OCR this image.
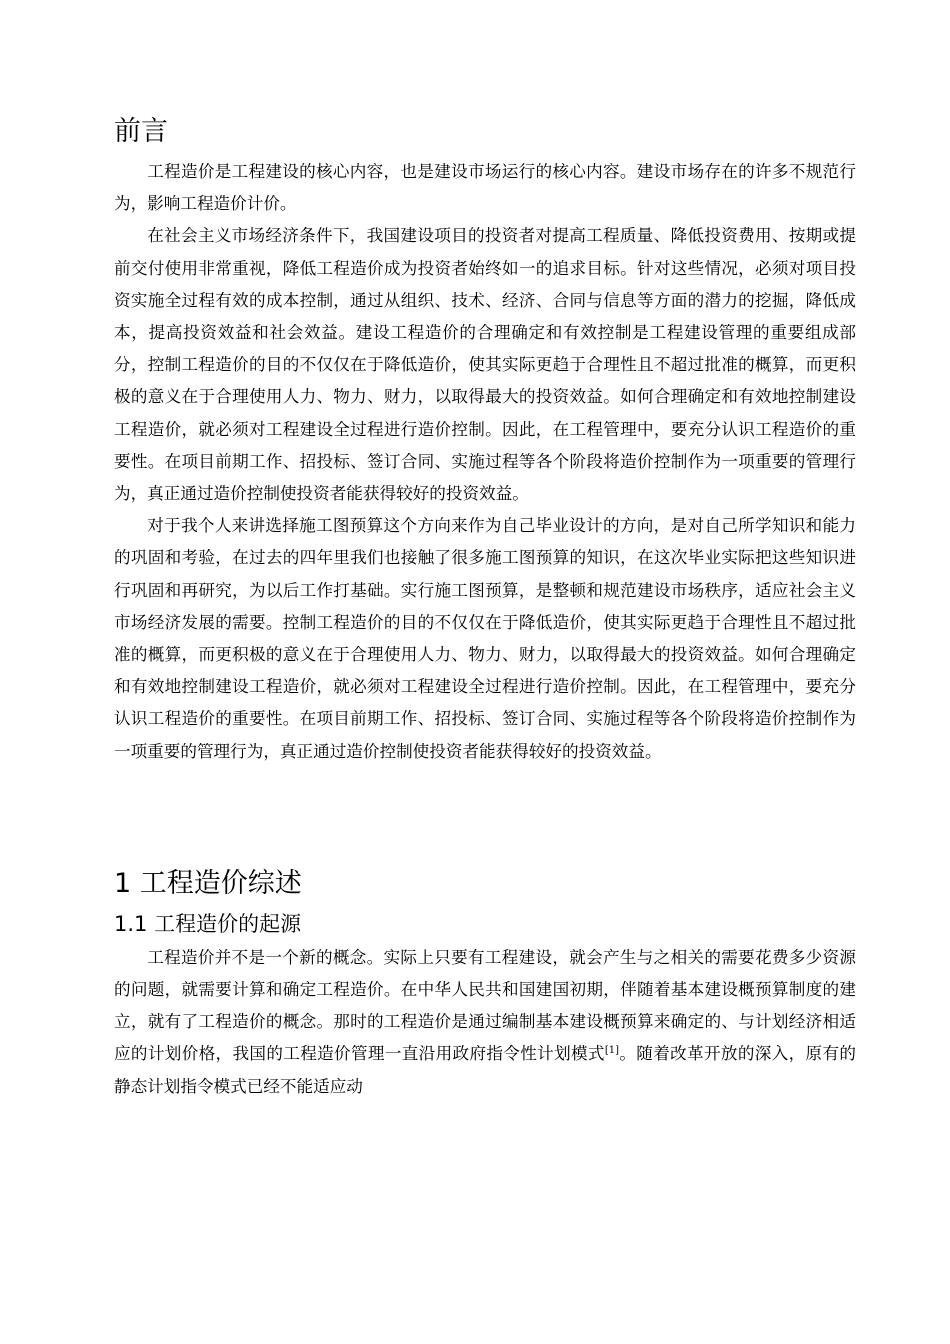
前言

工程造价是工程建设的核心内容，也是建设市场运行的核心内容。建设市场存在的许多不规范行为，影响工程造价计价。

在社会主义市场经济条件下，我国建设项目的投资者对提高工程质量、降低投资费用、按期或提前交付使用非常重视，降低工程造价成为投资者始终如一的追求目标。针对这些情况，必须对项目投资实施全过程有效的成本控制，通过从组织、技术、经济、合同与信息等方面的潜力的挖掘，降低成本，提高投资效益和社会效益。建设工程造价的合理确定和有效控制是工程建设管理的重要组成部分，控制工程造价的目的不仅仅在于降低造价，使其实际更趋于合理性且不超过批准的概算，而更积极的意义在于合理使用人力、物力、财力，以取得最大的投资效益。如何合理确定和有效地控制建设工程造价，就必须对工程建设全过程进行造价控制。因此，在工程管理中，要充分认识工程造价的重要性。在项目前期工作、招投标、签订合同、实施过程等各个阶段将造价控制作为一项重要的管理行为，真正通过造价控制使投资者能获得较好的投资效益。

对于我个人来讲选择施工图预算这个方向来作为自己毕业设计的方向，是对自己所学知识和能力的巩固和考验，在过去的四年里我们也接触了很多施工图预算的知识，在这次毕业实际把这些知识进行巩固和再研究，为以后工作打基础。实行施工图预算，是整顿和规范建设市场秩序，适应社会主义市场经济发展的需要。控制工程造价的目的不仅仅在于降低造价，使其实际更趋于合理性且不超过批准的概算，而更积极的意义在于合理使用人力、物力、财力，以取得最大的投资效益。如何合理确定和有效地控制建设工程造价，就必须对工程建设全过程进行造价控制。因此，在工程管理中，要充分认识工程造价的重要性。在项目前期工作、招投标、签订合同、实施过程等各个阶段将造价控制作为一项重要的管理行为，真正通过造价控制使投资者能获得较好的投资效益。

1 工程造价综述
1.1 工程造价的起源

工程造价并不是一个新的概念。实际上只要有工程建设，就会产生与之相关的需要花费多少资源的问题，就需要计算和确定工程造价。在中华人民共和国建国初期，伴随着基本建设概预算制度的建立，就有了工程造价的概念。那时的工程造价是通过编制基本建设概预算来确定的、与计划经济相适应的计划价格，我国的工程造价管理一直沿用政府指令性计划模式[1]。随着改革开放的深入，原有的静态计划指令模式已经不能适应动
